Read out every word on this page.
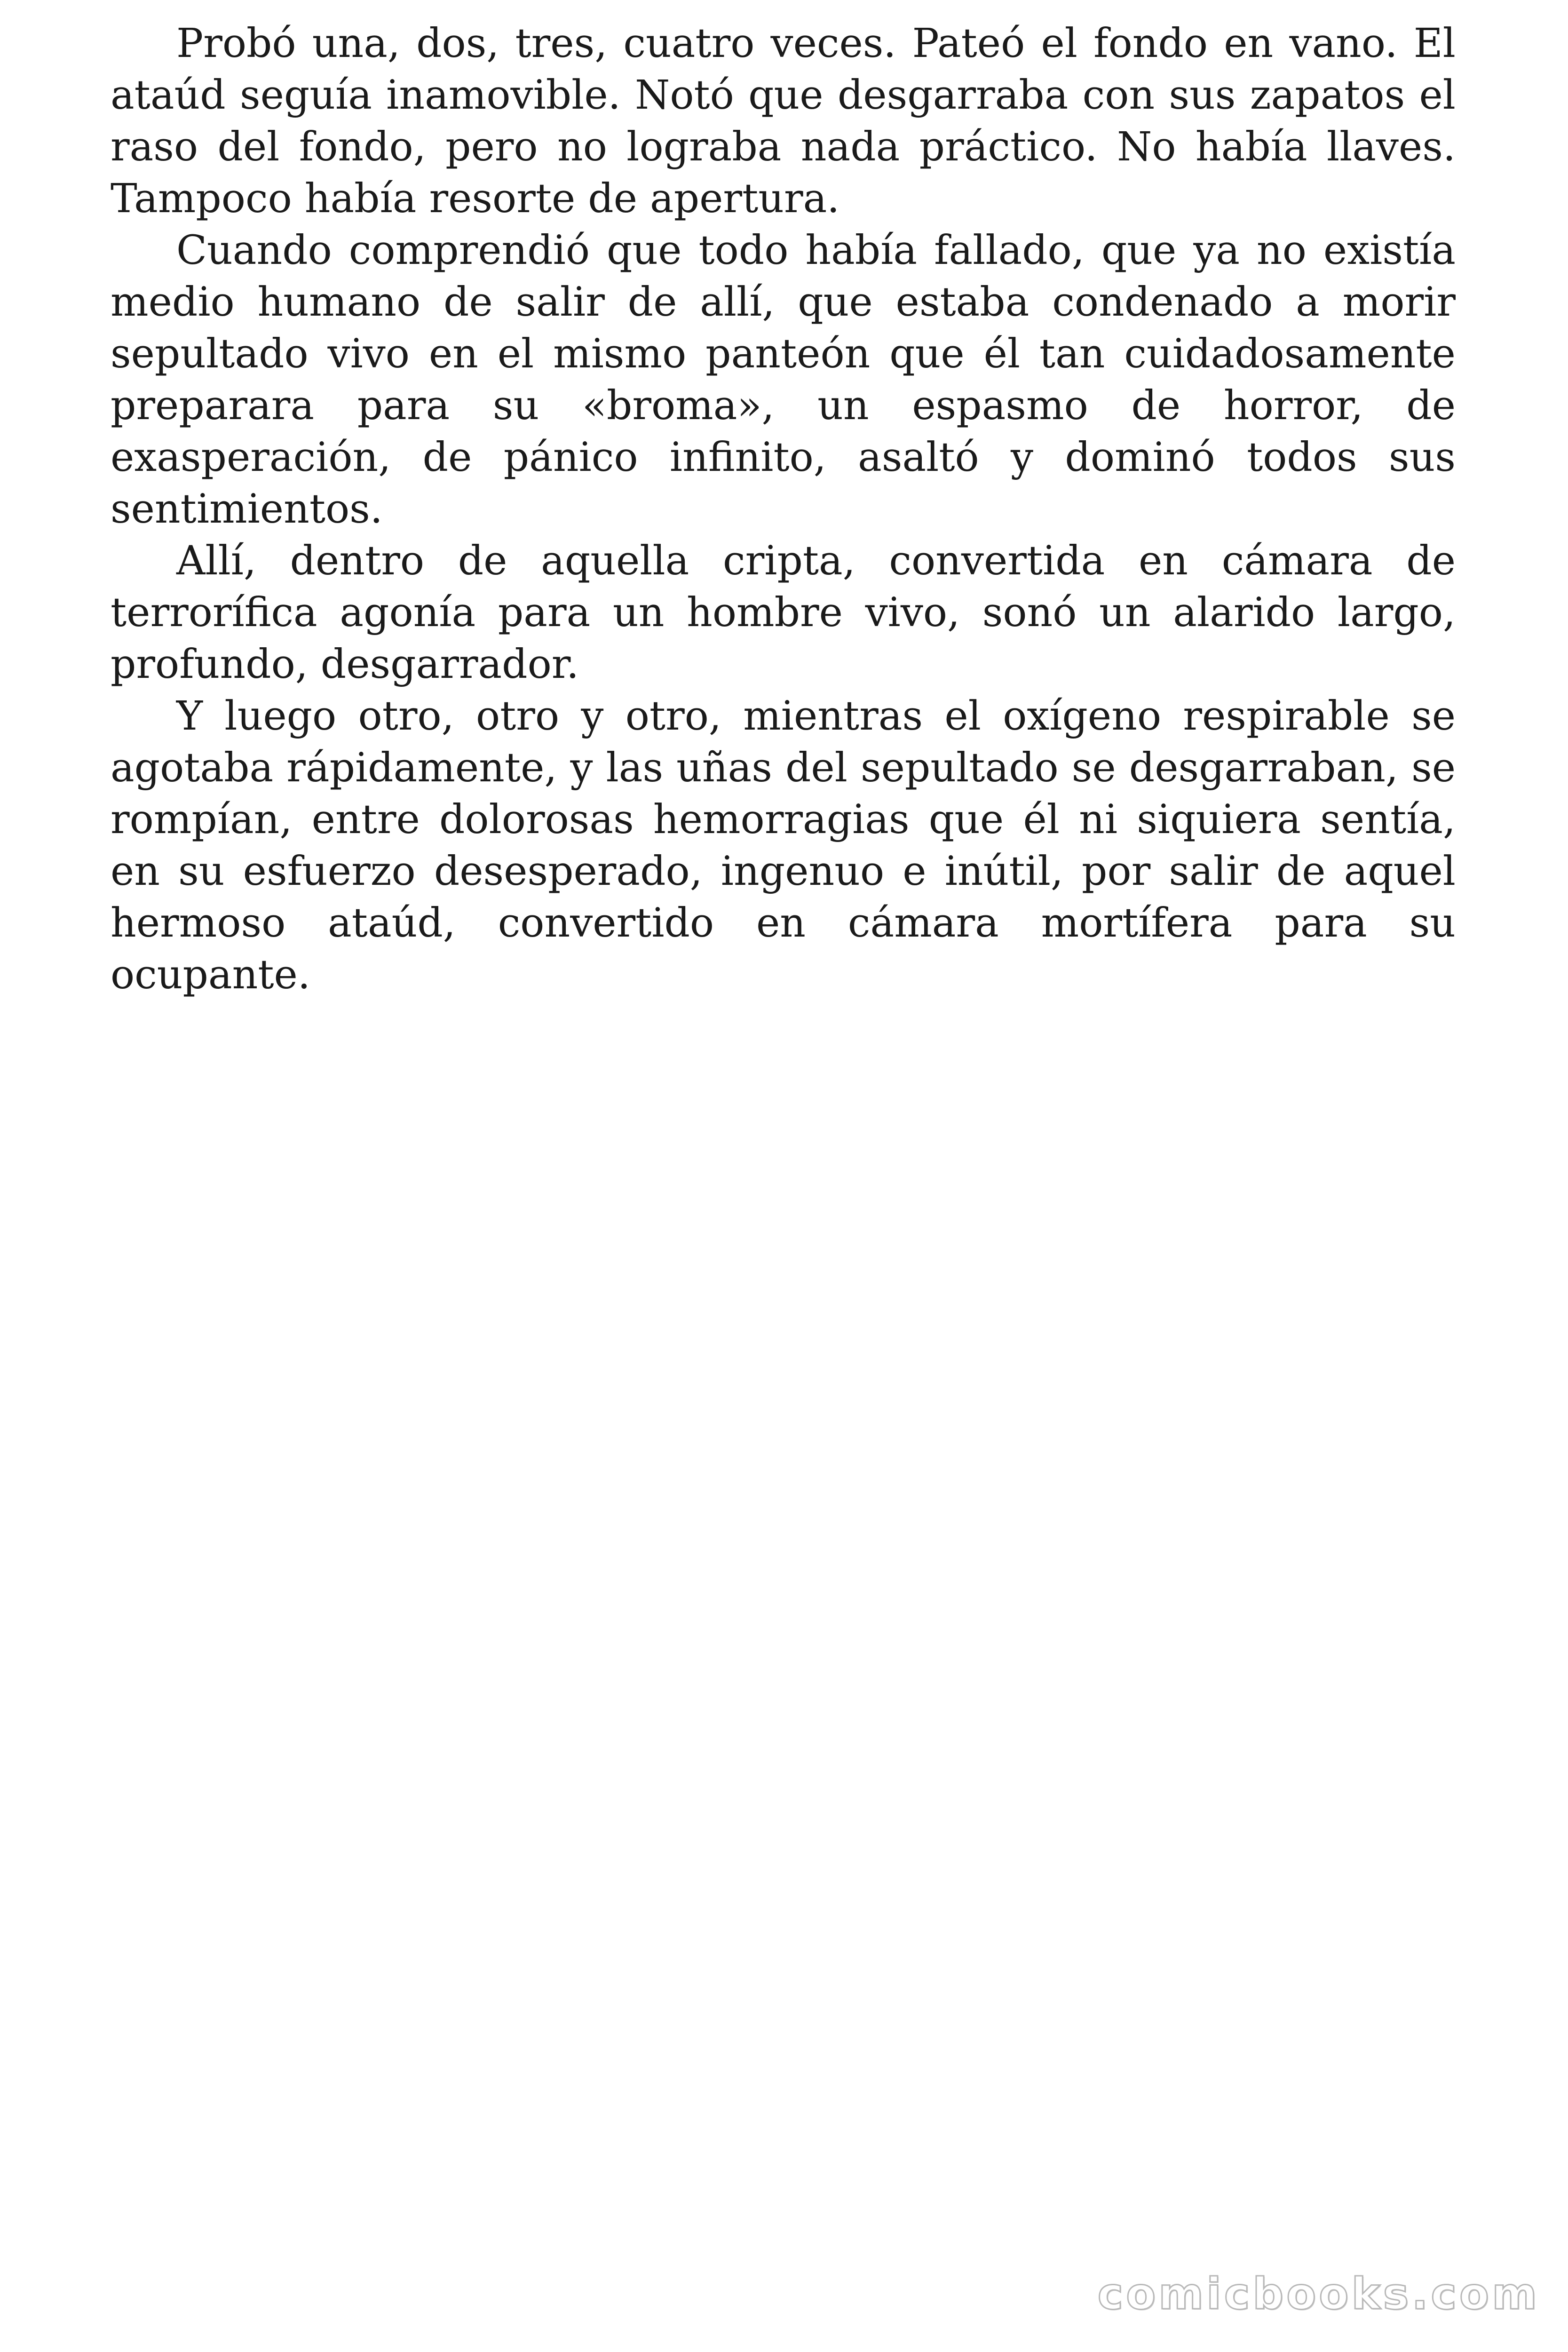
Probó una, dos, tres, cuatro veces. Pateó el fondo en vano. El ataúd seguía inamovible. Notó que desgarraba con sus zapatos el raso del fondo, pero no lograba nada práctico. No había llaves. Tampoco había resorte de apertura.

Cuando comprendió que todo había fallado, que ya no existía medio humano de salir de allí, que estaba condenado a morir sepultado vivo en el mismo panteón que él tan cuidadosamente preparara para su «broma», un espasmo de horror, de exasperación, de pánico infinito, asaltó y dominó todos sus sentimientos.

Allí, dentro de aquella cripta, convertida en cámara de terrorífica agonía para un hombre vivo, sonó un alarido largo, profundo, desgarrador.

Y luego otro, otro y otro, mientras el oxígeno respirable se agotaba rápidamente, y las uñas del sepultado se desgarraban, se rompían, entre dolorosas hemorragias que él ni siquiera sentía, en su esfuerzo desesperado, ingenuo e inútil, por salir de aquel hermoso ataúd, convertido en cámara mortífera para su ocupante.

comicbooks.com
